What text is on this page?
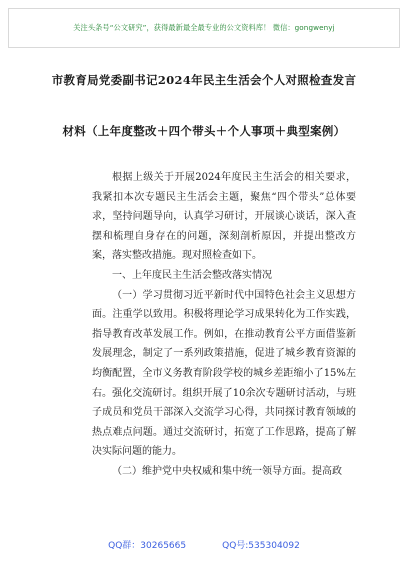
关注头条号“公文研究”，获得最新最全最专业的公文资料库！ 微信：gongwenyj
市教育局党委副书记2024年民主生活会个人对照检查发言
材料（上年度整改＋四个带头＋个人事项＋典型案例）

根据上级关于开展2024年度民主生活会的相关要求，我紧扣本次专题民主生活会主题，聚焦“四个带头”总体要求，坚持问题导向，认真学习研讨，开展谈心谈话，深入查摆和梳理自身存在的问题，深刻剖析原因，并提出整改方案，落实整改措施。现对照检查如下。

一、上年度民主生活会整改落实情况

（一）学习贯彻习近平新时代中国特色社会主义思想方面。注重学以致用。积极将理论学习成果转化为工作实践，指导教育改革发展工作。例如，在推动教育公平方面借鉴新发展理念，制定了一系列政策措施，促进了城乡教育资源的均衡配置，全市义务教育阶段学校的城乡差距缩小了15%左右。强化交流研讨。组织开展了10余次专题研讨活动，与班子成员和党员干部深入交流学习心得，共同探讨教育领域的热点难点问题。通过交流研讨，拓宽了工作思路，提高了解决实际问题的能力。

（二）维护党中央权威和集中统一领导方面。提高政

QQ群：30265665	QQ号:535304092
